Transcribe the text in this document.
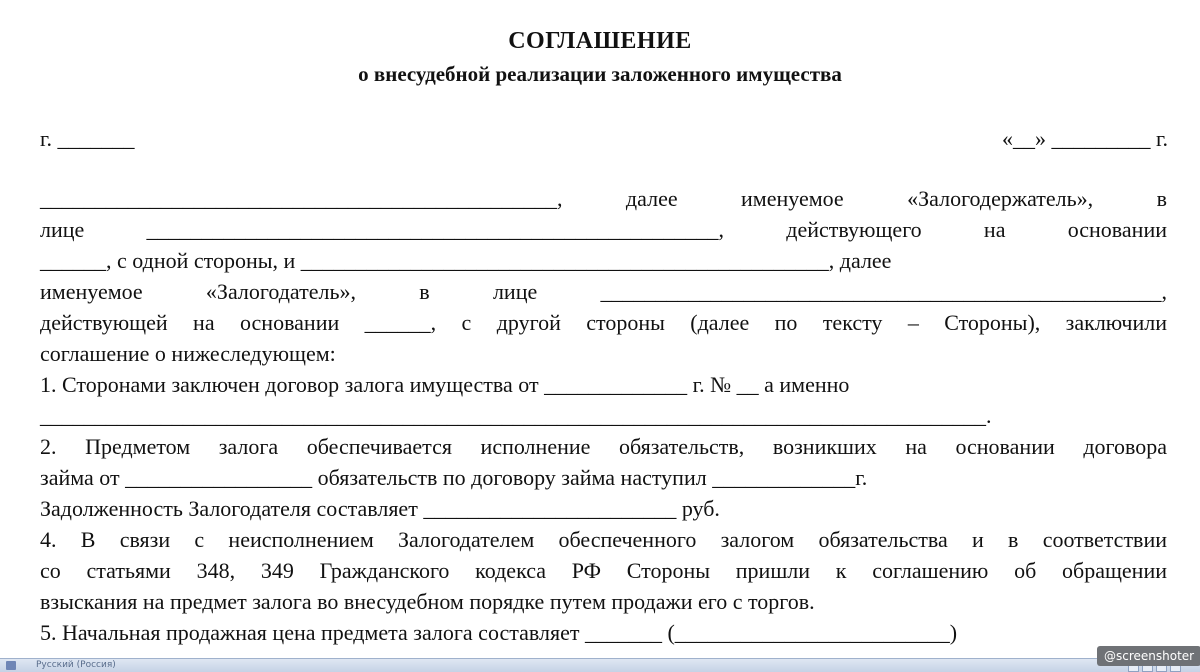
СОГЛАШЕНИЕ
о внесудебной реализации заложенного имущества
г. _______	«__» _________ г.

_______________________________________________, далее именуемое «Залогодержатель», в

лице ____________________________________________________, действующего на основании

______, с одной стороны, и ________________________________________________, далее

именуемое «Залогодатель», в лице ___________________________________________________,

действующей на основании ______, с другой стороны (далее по тексту – Стороны), заключили

соглашение о нижеследующем:

1. Сторонами заключен договор залога имущества от _____________ г. № __ а именно

______________________________________________________________________________________.

2. Предметом залога обеспечивается исполнение обязательств, возникших на основании договора

займа от _________________ обязательств по договору займа наступил _____________г.

Задолженность Залогодателя составляет _______________________ руб.

4. В связи с неисполнением Залогодателем обеспеченного залогом обязательства и в соответствии

со статьями 348, 349 Гражданского кодекса РФ Стороны пришли к соглашению об обращении

взыскания на предмет залога во внесудебном порядке путем продажи его с торгов.

5. Начальная продажная цена предмета залога составляет _______ (_________________________)

Русский (Россия)
@screenshoter
